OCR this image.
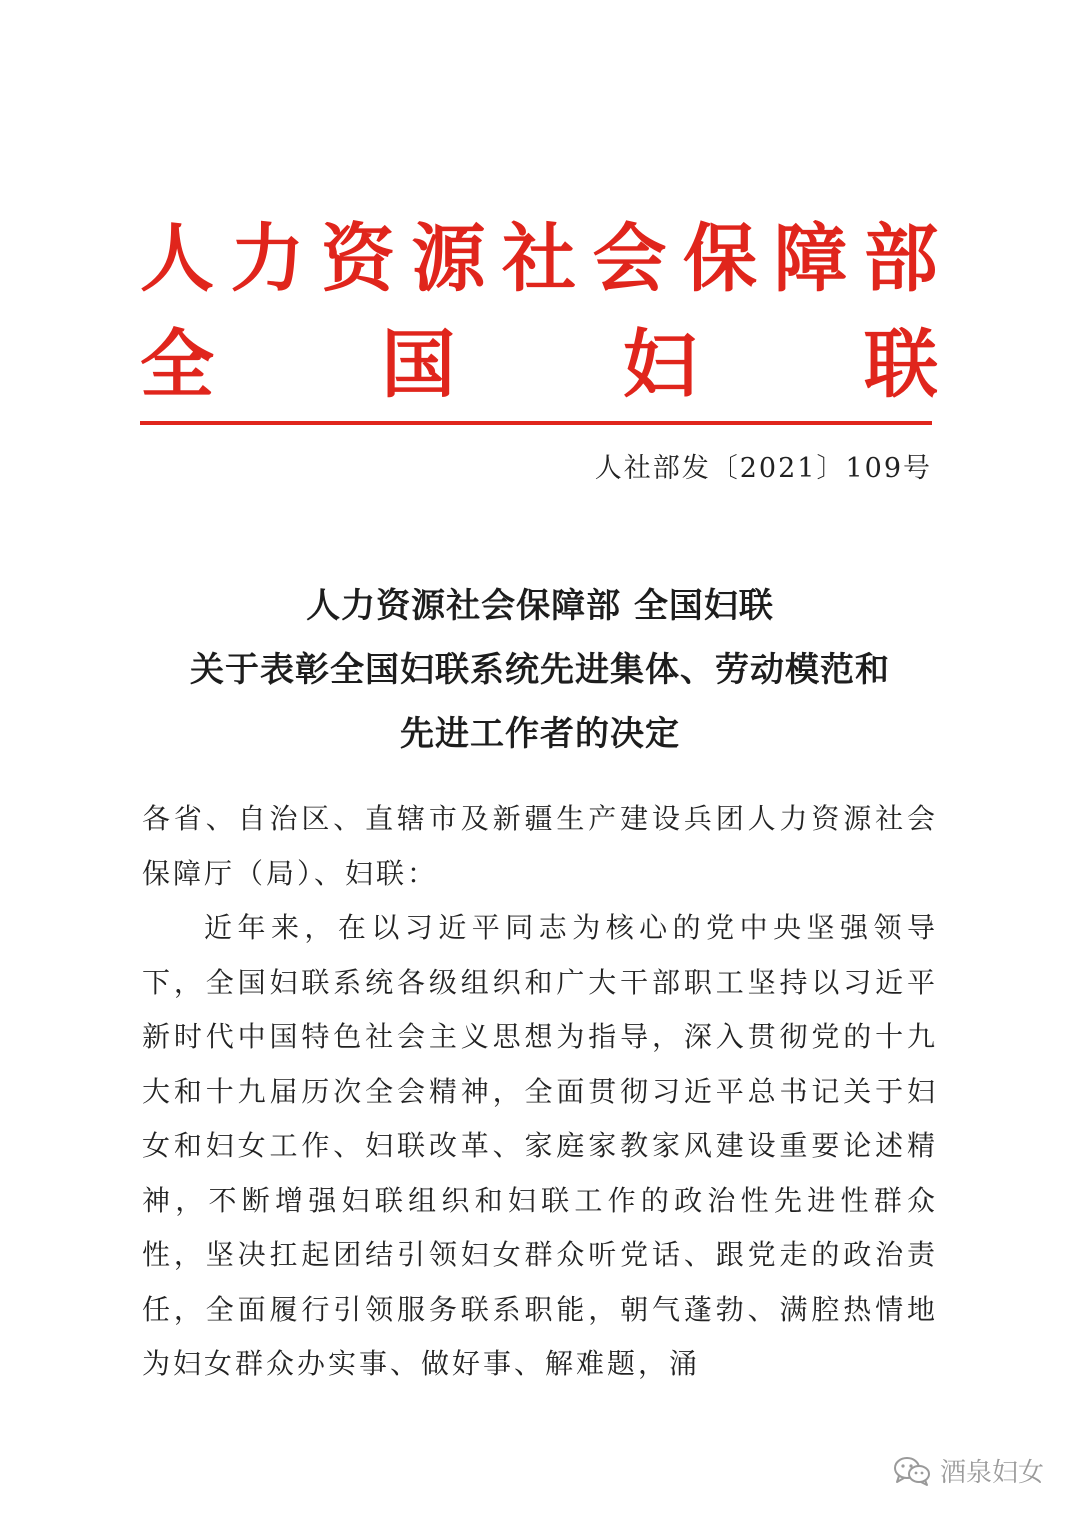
人力资源社会保障部
全国妇联
人社部发〔2021〕109号
人力资源社会保障部 全国妇联
关于表彰全国妇联系统先进集体、劳动模范和
先进工作者的决定

各省、自治区、直辖市及新疆生产建设兵团人力资源社会保障厅（局）、妇联：

近年来，在以习近平同志为核心的党中央坚强领导下，全国妇联系统各级组织和广大干部职工坚持以习近平新时代中国特色社会主义思想为指导，深入贯彻党的十九大和十九届历次全会精神，全面贯彻习近平总书记关于妇女和妇女工作、妇联改革、家庭家教家风建设重要论述精神，不断增强妇联组织和妇联工作的政治性先进性群众性，坚决扛起团结引领妇女群众听党话、跟党走的政治责任，全面履行引领服务联系职能，朝气蓬勃、满腔热情地为妇女群众办实事、做好事、解难题，涌

酒泉妇女
